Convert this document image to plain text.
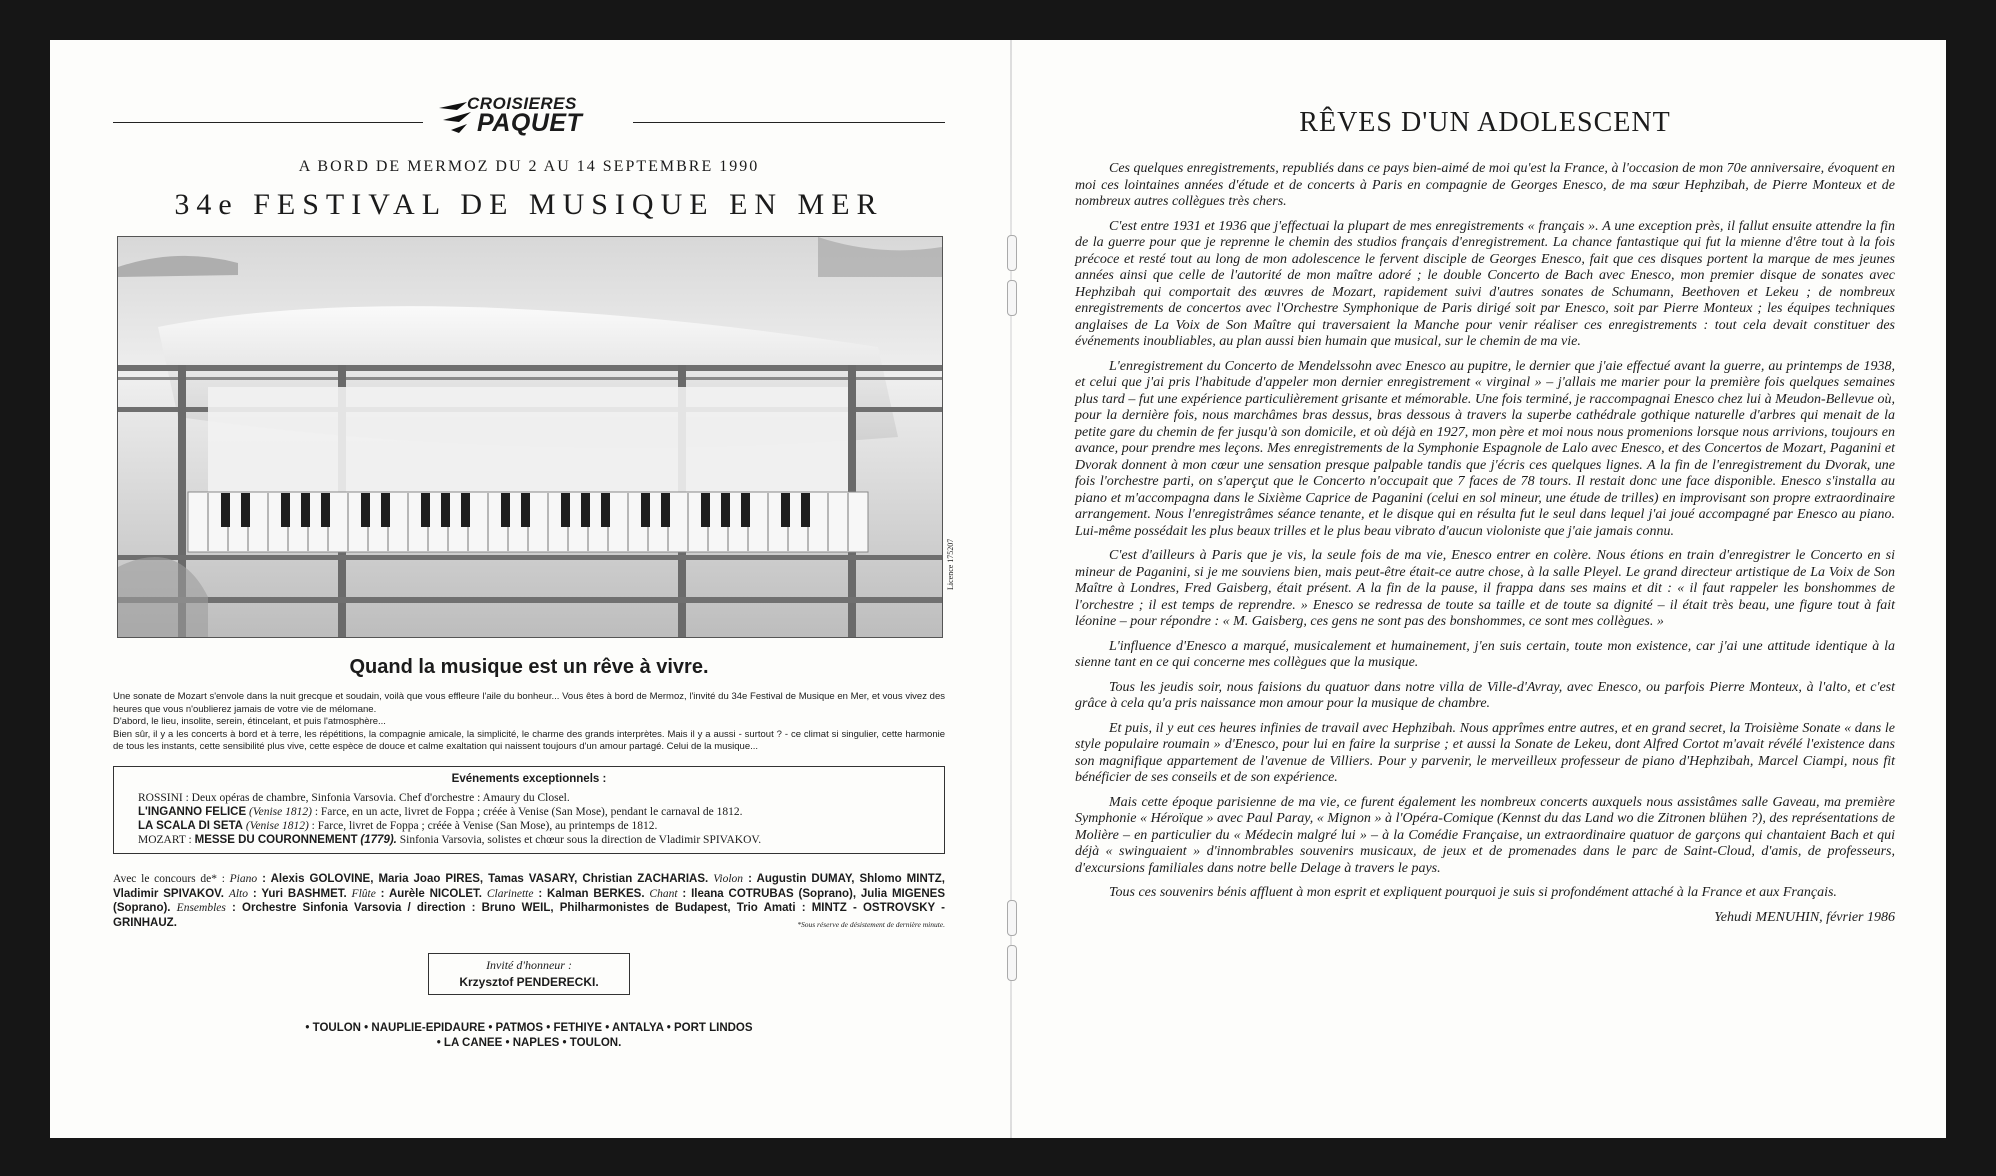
CROISIERES
PAQUET
A BORD DE MERMOZ DU 2 AU 14 SEPTEMBRE 1990
34e FESTIVAL DE MUSIQUE EN MER
Quand la musique est un rêve à vivre.

Une sonate de Mozart s'envole dans la nuit grecque et soudain, voilà que vous effleure l'aile du bonheur... Vous êtes à bord de Mermoz, l'invité du 34e Festival de Musique en Mer, et vous vivez des heures que vous n'oublierez jamais de votre vie de mélomane.

D'abord, le lieu, insolite, serein, étincelant, et puis l'atmosphère...

Bien sûr, il y a les concerts à bord et à terre, les répétitions, la compagnie amicale, la simplicité, le charme des grands interprètes. Mais il y a aussi - surtout ? - ce climat si singulier, cette harmonie de tous les instants, cette sensibilité plus vive, cette espèce de douce et calme exaltation qui naissent toujours d'un amour partagé. Celui de la musique...

Evénements exceptionnels :

ROSSINI : Deux opéras de chambre, Sinfonia Varsovia. Chef d'orchestre : Amaury du Closel.

L'INGANNO FELICE (Venise 1812) : Farce, en un acte, livret de Foppa ; créée à Venise (San Mose), pendant le carnaval de 1812.

LA SCALA DI SETA (Venise 1812) : Farce, livret de Foppa ; créée à Venise (San Mose), au printemps de 1812.

MOZART : MESSE DU COURONNEMENT (1779). Sinfonia Varsovia, solistes et chœur sous la direction de Vladimir SPIVAKOV.

Avec le concours de* : Piano : Alexis GOLOVINE, Maria Joao PIRES, Tamas VASARY, Christian ZACHARIAS. Violon : Augustin DUMAY, Shlomo MINTZ, Vladimir SPIVAKOV. Alto : Yuri BASHMET. Flûte : Aurèle NICOLET. Clarinette : Kalman BERKES. Chant : Ileana COTRUBAS (Soprano), Julia MIGENES (Soprano). Ensembles : Orchestre Sinfonia Varsovia / direction : Bruno WEIL, Philharmonistes de Budapest, Trio Amati : MINTZ - OSTROVSKY - GRINHAUZ.	*Sous réserve de désistement de dernière minute.
Invité d'honneur :
Krzysztof PENDERECKI.
• TOULON • NAUPLIE-EPIDAURE • PATMOS • FETHIYE • ANTALYA • PORT LINDOS
• LA CANEE • NAPLES • TOULON.
Licence 175207
RÊVES D'UN ADOLESCENT

Ces quelques enregistrements, republiés dans ce pays bien-aimé de moi qu'est la France, à l'occasion de mon 70e anniversaire, évoquent en moi ces lointaines années d'étude et de concerts à Paris en compagnie de Georges Enesco, de ma sœur Hephzibah, de Pierre Monteux et de nombreux autres collègues très chers.

C'est entre 1931 et 1936 que j'effectuai la plupart de mes enregistrements « français ». A une exception près, il fallut ensuite attendre la fin de la guerre pour que je reprenne le chemin des studios français d'enregistrement. La chance fantastique qui fut la mienne d'être tout à la fois précoce et resté tout au long de mon adolescence le fervent disciple de Georges Enesco, fait que ces disques portent la marque de mes jeunes années ainsi que celle de l'autorité de mon maître adoré ; le double Concerto de Bach avec Enesco, mon premier disque de sonates avec Hephzibah qui comportait des œuvres de Mozart, rapidement suivi d'autres sonates de Schumann, Beethoven et Lekeu ; de nombreux enregistrements de concertos avec l'Orchestre Symphonique de Paris dirigé soit par Enesco, soit par Pierre Monteux ; les équipes techniques anglaises de La Voix de Son Maître qui traversaient la Manche pour venir réaliser ces enregistrements : tout cela devait constituer des événements inoubliables, au plan aussi bien humain que musical, sur le chemin de ma vie.

L'enregistrement du Concerto de Mendelssohn avec Enesco au pupitre, le dernier que j'aie effectué avant la guerre, au printemps de 1938, et celui que j'ai pris l'habitude d'appeler mon dernier enregistrement « virginal » – j'allais me marier pour la première fois quelques semaines plus tard – fut une expérience particulièrement grisante et mémorable. Une fois terminé, je raccompagnai Enesco chez lui à Meudon-Bellevue où, pour la dernière fois, nous marchâmes bras dessus, bras dessous à travers la superbe cathédrale gothique naturelle d'arbres qui menait de la petite gare du chemin de fer jusqu'à son domicile, et où déjà en 1927, mon père et moi nous nous promenions lorsque nous arrivions, toujours en avance, pour prendre mes leçons. Mes enregistrements de la Symphonie Espagnole de Lalo avec Enesco, et des Concertos de Mozart, Paganini et Dvorak donnent à mon cœur une sensation presque palpable tandis que j'écris ces quelques lignes. A la fin de l'enregistrement du Dvorak, une fois l'orchestre parti, on s'aperçut que le Concerto n'occupait que 7 faces de 78 tours. Il restait donc une face disponible. Enesco s'installa au piano et m'accompagna dans le Sixième Caprice de Paganini (celui en sol mineur, une étude de trilles) en improvisant son propre extraordinaire arrangement. Nous l'enregistrâmes séance tenante, et le disque qui en résulta fut le seul dans lequel j'ai joué accompagné par Enesco au piano. Lui-même possédait les plus beaux trilles et le plus beau vibrato d'aucun violoniste que j'aie jamais connu.

C'est d'ailleurs à Paris que je vis, la seule fois de ma vie, Enesco entrer en colère. Nous étions en train d'enregistrer le Concerto en si mineur de Paganini, si je me souviens bien, mais peut-être était-ce autre chose, à la salle Pleyel. Le grand directeur artistique de La Voix de Son Maître à Londres, Fred Gaisberg, était présent. A la fin de la pause, il frappa dans ses mains et dit : « il faut rappeler les bonshommes de l'orchestre ; il est temps de reprendre. » Enesco se redressa de toute sa taille et de toute sa dignité – il était très beau, une figure tout à fait léonine – pour répondre : « M. Gaisberg, ces gens ne sont pas des bonshommes, ce sont mes collègues. »

L'influence d'Enesco a marqué, musicalement et humainement, j'en suis certain, toute mon existence, car j'ai une attitude identique à la sienne tant en ce qui concerne mes collègues que la musique.

Tous les jeudis soir, nous faisions du quatuor dans notre villa de Ville-d'Avray, avec Enesco, ou parfois Pierre Monteux, à l'alto, et c'est grâce à cela qu'a pris naissance mon amour pour la musique de chambre.

Et puis, il y eut ces heures infinies de travail avec Hephzibah. Nous apprîmes entre autres, et en grand secret, la Troisième Sonate « dans le style populaire roumain » d'Enesco, pour lui en faire la surprise ; et aussi la Sonate de Lekeu, dont Alfred Cortot m'avait révélé l'existence dans son magnifique appartement de l'avenue de Villiers. Pour y parvenir, le merveilleux professeur de piano d'Hephzibah, Marcel Ciampi, nous fit bénéficier de ses conseils et de son expérience.

Mais cette époque parisienne de ma vie, ce furent également les nombreux concerts auxquels nous assistâmes salle Gaveau, ma première Symphonie « Héroïque » avec Paul Paray, « Mignon » à l'Opéra-Comique (Kennst du das Land wo die Zitronen blühen ?), des représentations de Molière – en particulier du « Médecin malgré lui » – à la Comédie Française, un extraordinaire quatuor de garçons qui chantaient Bach et qui déjà « swinguaient » d'innombrables souvenirs musicaux, de jeux et de promenades dans le parc de Saint-Cloud, d'amis, de professeurs, d'excursions familiales dans notre belle Delage à travers le pays.

Tous ces souvenirs bénis affluent à mon esprit et expliquent pourquoi je suis si profondément attaché à la France et aux Français.

Yehudi MENUHIN, février 1986
